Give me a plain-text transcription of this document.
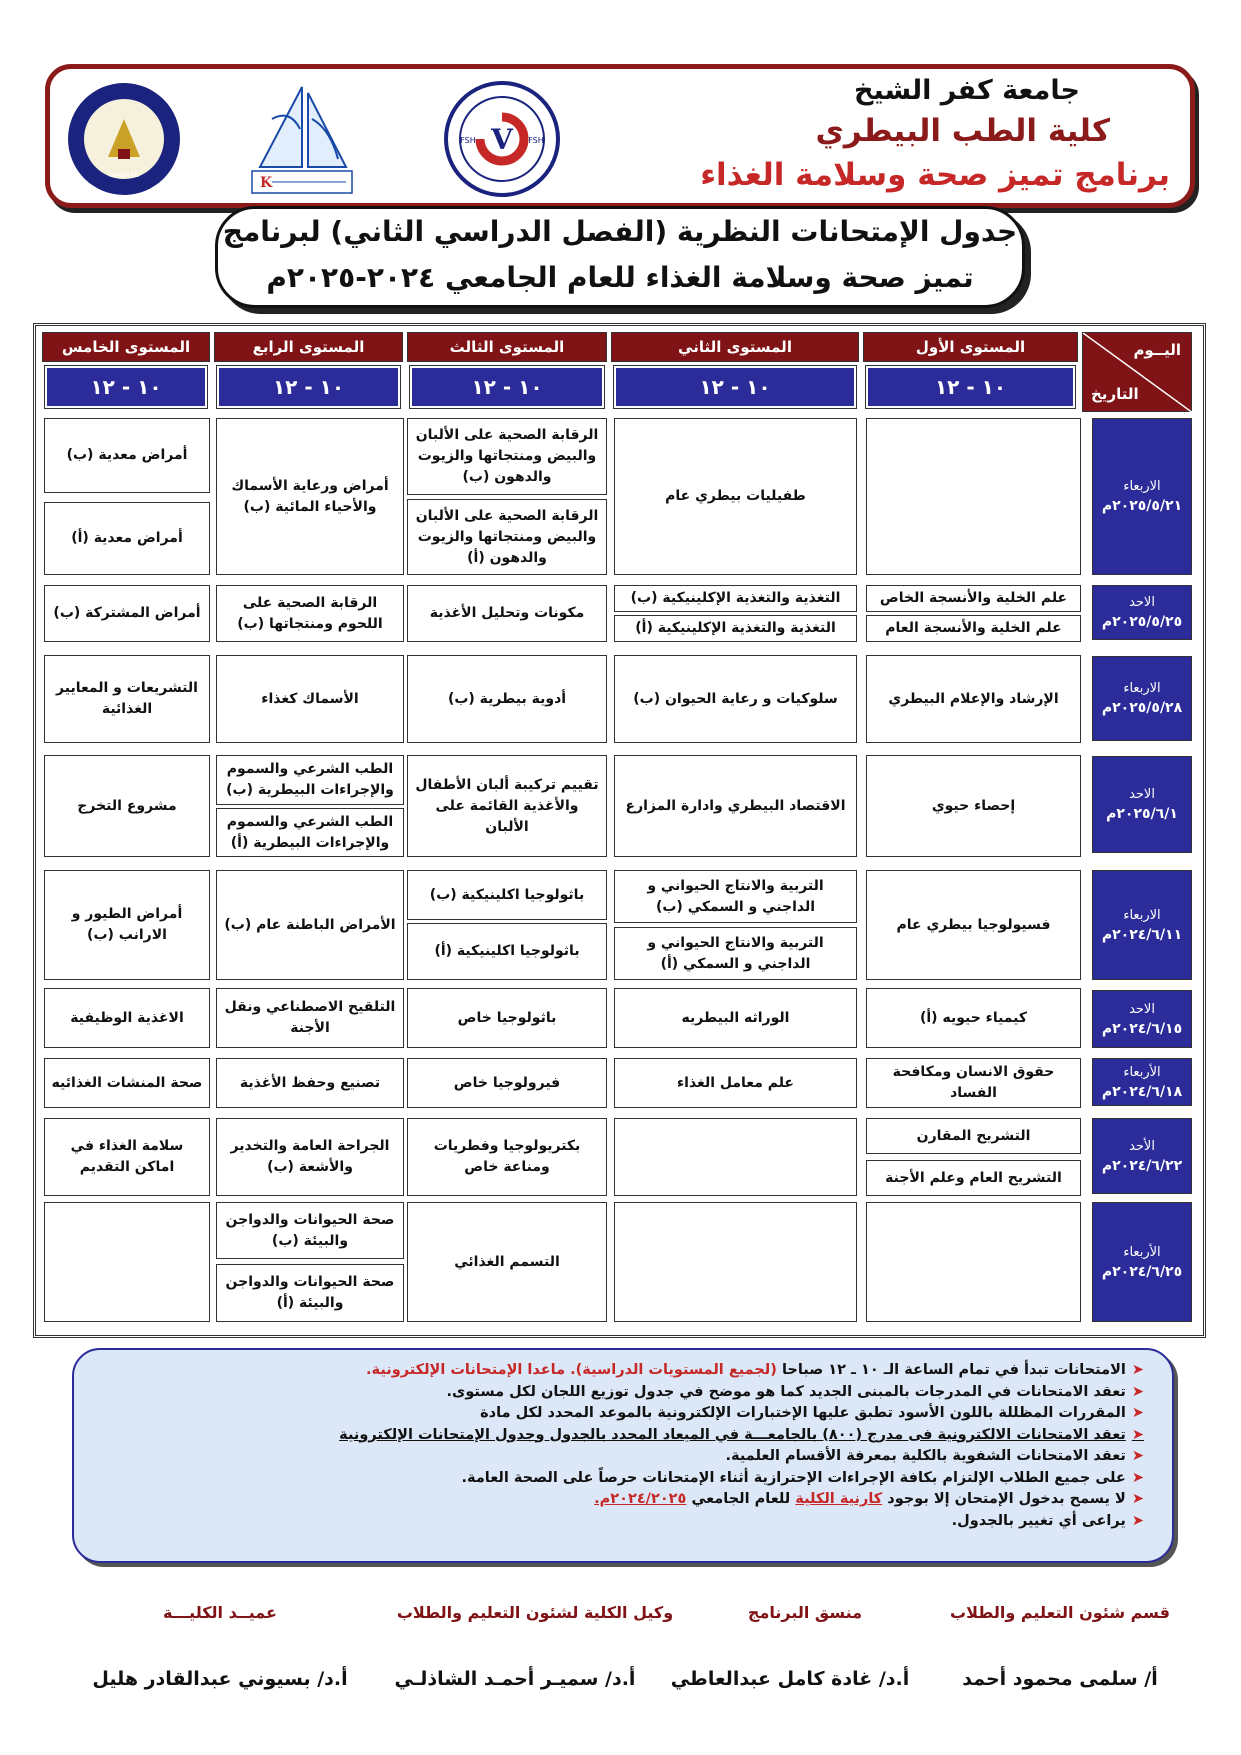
جامعة كفر الشيخ
كلية الطب البيطري
برنامج تميز صحة وسلامة الغذاء
V
FSH	FSH
K
NAQAAE
جدول الإمتحانات النظرية (الفصل الدراسي الثاني) لبرنامج
تميز صحة وسلامة الغذاء للعام الجامعي ٢٠٢٤-٢٠٢٥م
اليــوم
التاريخ
المستوى الأول
المستوى الثاني
المستوى الثالث
المستوى الرابع
المستوى الخامس
١٠ - ١٢
١٠ - ١٢
١٠ - ١٢
١٠ - ١٢
١٠ - ١٢
الاربعاء
٢٠٢٥/٥/٢١م
الاحد
٢٠٢٥/٥/٢٥م
الاربعاء
٢٠٢٥/٥/٢٨م
الاحد
٢٠٢٥/٦/١م
الاربعاء
٢٠٢٤/٦/١١م
الاحد
٢٠٢٤/٦/١٥م
الأربعاء
٢٠٢٤/٦/١٨م
الأحد
٢٠٢٤/٦/٢٢م
الأربعاء
٢٠٢٤/٦/٢٥م
طفيليات بيطري عام
الرقابة الصحية على الألبان والبيض ومنتجاتها والزيوت والدهون (ب)
الرقابة الصحية على الألبان والبيض ومنتجاتها والزيوت والدهون (أ)
أمراض ورعاية الأسماك والأحياء المائية (ب)
أمراض معدية (ب)
أمراض معدية (أ)
علم الخلية والأنسجة الخاص
علم الخلية والأنسجة العام
التغذية والتغذية الإكلينيكية (ب)
التغذية والتغذية الإكلينيكية (أ)
مكونات وتحليل الأغذية
الرقابة الصحية على اللحوم ومنتجاتها (ب)
أمراض المشتركة (ب)
الإرشاد والإعلام البيطري
سلوكيات و رعاية الحيوان (ب)
أدوية بيطرية (ب)
الأسماك كغذاء
التشريعات و المعايير الغذائية
إحصاء حيوي
الاقتصاد البيطري وادارة المزارع
تقييم تركيبة ألبان الأطفال والأغذية القائمة على الألبان
الطب الشرعي والسموم والإجراءات البيطرية (ب)
الطب الشرعي والسموم والإجراءات البيطرية (أ)
مشروع التخرج
فسيولوجيا بيطري عام
التربية والانتاج الحيواني و الداجني و السمكي (ب)
التربية والانتاج الحيواني و الداجني و السمكي (أ)
باثولوجيا اكلينيكية (ب)
باثولوجيا اكلينيكية (أ)
الأمراض الباطنة عام (ب)
أمراض الطيور و الارانب (ب)
كيمياء حيويه (أ)
الوراثه البيطريه
باثولوجيا خاص
التلقيح الاصطناعي ونقل الأجنة
الاغذية الوظيفية
حقوق الانسان ومكافحة الفساد
علم معامل الغذاء
فيرولوجيا خاص
تصنيع وحفظ الأغذية
صحة المنشات الغذائيه
التشريح المقارن
التشريح العام وعلم الأجنة
بكتريولوجيا وفطريات ومناعة خاص
الجراحة العامة والتخدير والأشعة (ب)
سلامة الغذاء في اماكن التقديم
التسمم الغذائي
صحة الحيوانات والدواجن والبيئة (ب)
صحة الحيوانات والدواجن والبيئة (أ)
➤الامتحانات تبدأ في تمام الساعة الـ ١٠ ـ ١٢ صباحا (لجميع المستويات الدراسية). ماعدا الإمتحانات الإلكترونية.
➤تعقد الامتحانات في المدرجات بالمبنى الجديد كما هو موضح في جدول توزيع اللجان لكل مستوى.
➤المقررات المظللة باللون الأسود تطبق عليها الإختبارات الإلكترونية بالموعد المحدد لكل مادة
➤تعقد الامتحانات الالكترونية فى مدرج (٨٠٠) بالجامعـــة في الميعاد المحدد بالجدول وجدول الإمتحانات الإلكترونية
➤تعقد الامتحانات الشفوية بالكلية بمعرفة الأقسام العلمية.
➤على جميع الطلاب الإلتزام بكافة الإجراءات الإحترازية أثناء الإمتحانات حرصاً على الصحة العامة.
➤لا يسمح بدخول الإمتحان إلا بوجود كارنية الكلية للعام الجامعي ٢٠٢٤/٢٠٢٥م.
➤يراعى أي تغيير بالجدول.
قسم شئون التعليم والطلاب
منسق البرنامج
وكيل الكلية لشئون التعليم والطلاب
عميــد الكليـــة
أ/ سلمى محمود أحمد
أ.د/ غادة كامل عبدالعاطي
أ.د/ سميـر أحمـد الشاذلـي
أ.د/ بسيوني عبدالقادر هليل
